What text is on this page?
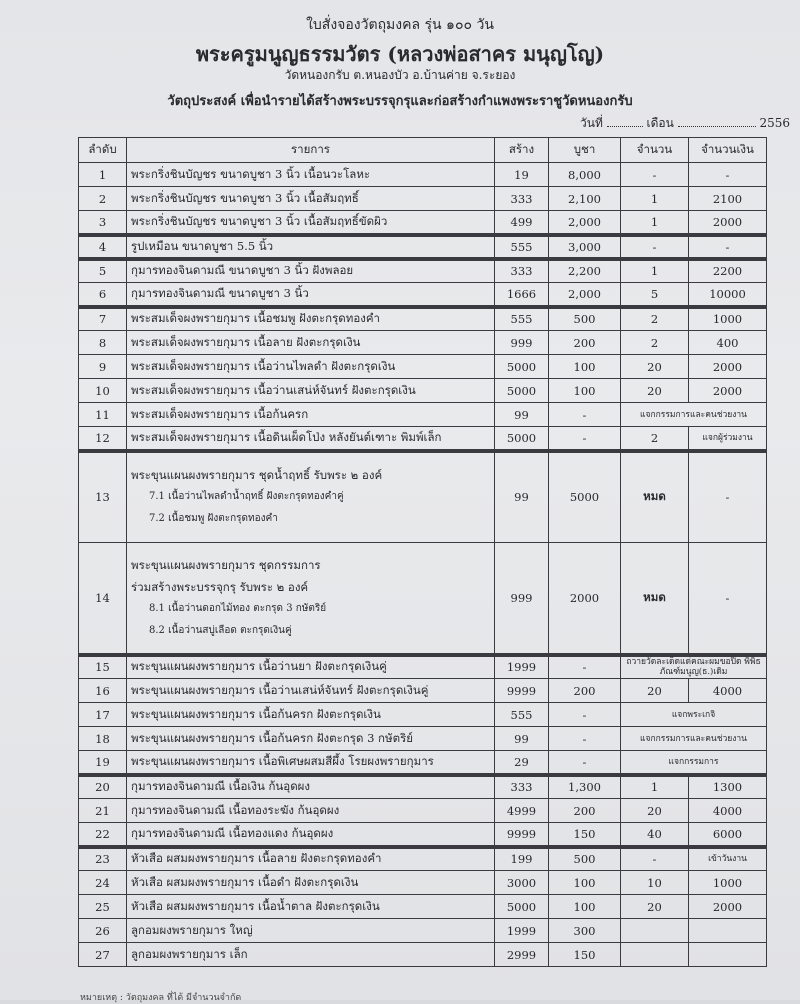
ใบสั่งจองวัตถุมงคล รุ่น ๑๐๐ วัน
พระครูมนูญธรรมวัตร (หลวงพ่อสาคร มนุญโญ)
วัดหนองกรับ ต.หนองบัว อ.บ้านค่าย จ.ระยอง
วัตถุประสงค์ เพื่อนำรายได้สร้างพระบรรจุกรุและก่อสร้างกำแพงพระราชูวัดหนองกรับ
วันที่	เดือน	2556
ลำดับ	รายการ	สร้าง	บูชา	จำนวน	จำนวนเงิน
1	พระกริ่งชินบัญชร ขนาดบูชา 3 นิ้ว เนื้อนวะโลหะ	19	8,000	-	-
2	พระกริ่งชินบัญชร ขนาดบูชา 3 นิ้ว เนื้อสัมฤทธิ์	333	2,100	1	2100
3	พระกริ่งชินบัญชร ขนาดบูชา 3 นิ้ว เนื้อสัมฤทธิ์ขัดผิว	499	2,000	1	2000
4	รูปเหมือน ขนาดบูชา 5.5 นิ้ว	555	3,000	-	-
5	กุมารทองจินดามณี ขนาดบูชา 3 นิ้ว ฝังพลอย	333	2,200	1	2200
6	กุมารทองจินดามณี ขนาดบูชา 3 นิ้ว	1666	2,000	5	10000
7	พระสมเด็จผงพรายกุมาร เนื้อชมพู ฝังตะกรุดทองคำ	555	500	2	1000
8	พระสมเด็จผงพรายกุมาร เนื้อลาย ฝังตะกรุดเงิน	999	200	2	400
9	พระสมเด็จผงพรายกุมาร เนื้อว่านไพลดำ ฝังตะกรุดเงิน	5000	100	20	2000
10	พระสมเด็จผงพรายกุมาร เนื้อว่านเสน่ห์จันทร์ ฝังตะกรุดเงิน	5000	100	20	2000
11	พระสมเด็จผงพรายกุมาร เนื้อก้นครก	99	-	แจกกรรมการและคนช่วยงาน	
12	พระสมเด็จผงพรายกุมาร เนื้อดินเผ็ดโป่ง หลังยันต์เฑาะ พิมพ์เล็ก	5000	-	2	แจกผู้ร่วมงาน
13	พระขุนแผนผงพรายกุมาร ชุดน้ำฤทธิ์ รับพระ ๒ องค์
7.1 เนื้อว่านไพลดำน้ำฤทธิ์ ฝังตะกรุดทองคำคู่
7.2 เนื้อชมพู ฝังตะกรุดทองคำ	99	5000	หมด	-
14	พระขุนแผนผงพรายกุมาร ชุดกรรมการ
ร่วมสร้างพระบรรจุกรุ รับพระ ๒ องค์
8.1 เนื้อว่านดอกไม้ทอง ตะกรุด 3 กษัตริย์
8.2 เนื้อว่านสบู่เลือด ตะกรุดเงินคู่	999	2000	หมด	-
15	พระขุนแผนผงพรายกุมาร เนื้อว่านยา ฝังตะกรุดเงินคู่	1999	-	ถวายวัดละเด็ดแด่คณะผมขอปิด พิพิธภัณฑ์มนูญ(ธ.)เดิม	
16	พระขุนแผนผงพรายกุมาร เนื้อว่านเสน่ห์จันทร์ ฝังตะกรุดเงินคู่	9999	200	20	4000
17	พระขุนแผนผงพรายกุมาร เนื้อก้นครก ฝังตะกรุดเงิน	555	-	แจกพระเกจิ	
18	พระขุนแผนผงพรายกุมาร เนื้อก้นครก ฝังตะกรุด 3 กษัตริย์	99	-	แจกกรรมการและคนช่วยงาน	
19	พระขุนแผนผงพรายกุมาร เนื้อพิเศษผสมสีผึ้ง โรยผงพรายกุมาร	29	-	แจกกรรมการ	
20	กุมารทองจินดามณี เนื้อเงิน ก้นอุดผง	333	1,300	1	1300
21	กุมารทองจินดามณี เนื้อทองระฆัง ก้นอุดผง	4999	200	20	4000
22	กุมารทองจินดามณี เนื้อทองแดง ก้นอุดผง	9999	150	40	6000
23	หัวเสือ ผสมผงพรายกุมาร เนื้อลาย ฝังตะกรุดทองคำ	199	500	-	เข้าวันงาน
24	หัวเสือ ผสมผงพรายกุมาร เนื้อดำ ฝังตะกรุดเงิน	3000	100	10	1000
25	หัวเสือ ผสมผงพรายกุมาร เนื้อน้ำตาล ฝังตะกรุดเงิน	5000	100	20	2000
26	ลูกอมผงพรายกุมาร ใหญ่	1999	300		
27	ลูกอมผงพรายกุมาร เล็ก	2999	150		
หมายเหตุ : วัตถุมงคล ที่ได้ มีจำนวนจำกัด
